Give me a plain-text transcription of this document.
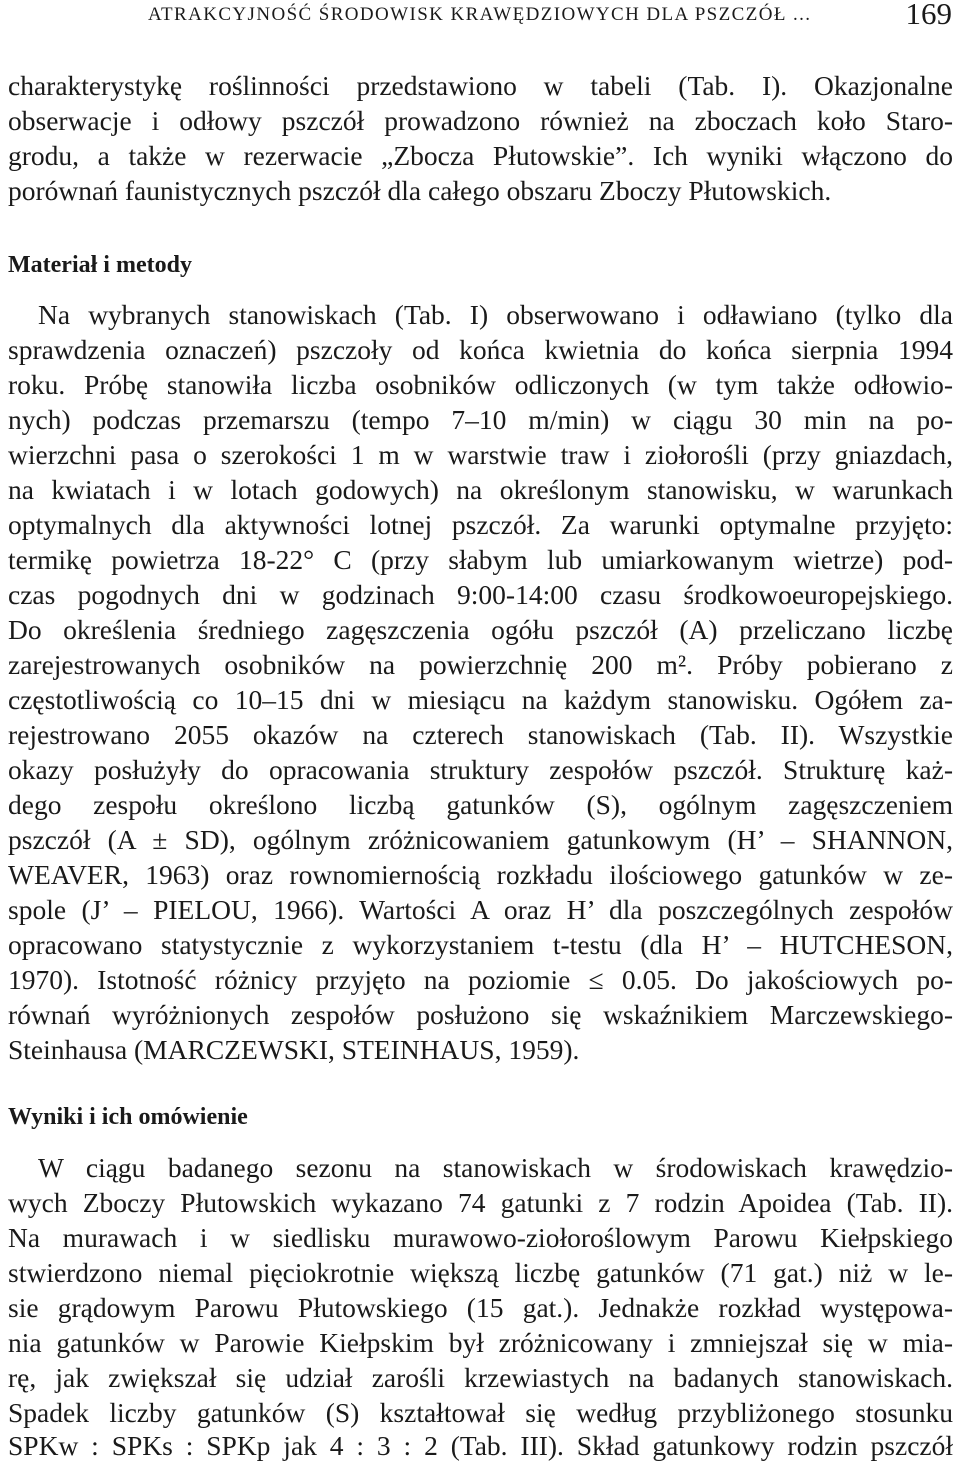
ATRAKCYJNOŚĆ ŚRODOWISK KRAWĘDZIOWYCH DLA PSZCZÓŁ ...	169
charakterystykę roślinności przedstawiono w tabeli (Tab. I). Okazjonalne
obserwacje i odłowy pszczół prowadzono również na zboczach koło Staro-
grodu, a także w rezerwacie „Zbocza Płutowskie”. Ich wyniki włączono do
porównań faunistycznych pszczół dla całego obszaru Zboczy Płutowskich.
Materiał i metody
Na wybranych stanowiskach (Tab. I) obserwowano i odławiano (tylko dla
sprawdzenia oznaczeń) pszczoły od końca kwietnia do końca sierpnia 1994
roku. Próbę stanowiła liczba osobników odliczonych (w tym także odłowio-
nych) podczas przemarszu (tempo 7–10 m/min) w ciągu 30 min na po-
wierzchni pasa o szerokości 1 m w warstwie traw i ziołorośli (przy gniazdach,
na kwiatach i w lotach godowych) na określonym stanowisku, w warunkach
optymalnych dla aktywności lotnej pszczół. Za warunki optymalne przyjęto:
termikę powietrza 18-22° C (przy słabym lub umiarkowanym wietrze) pod-
czas pogodnych dni w godzinach 9:00-14:00 czasu środkowoeuropejskiego.
Do określenia średniego zagęszczenia ogółu pszczół (A) przeliczano liczbę
zarejestrowanych osobników na powierzchnię 200 m². Próby pobierano z
częstotliwością co 10–15 dni w miesiącu na każdym stanowisku. Ogółem za-
rejestrowano 2055 okazów na czterech stanowiskach (Tab. II). Wszystkie
okazy posłużyły do opracowania struktury zespołów pszczół. Strukturę każ-
dego zespołu określono liczbą gatunków (S), ogólnym zagęszczeniem
pszczół (A ± SD), ogólnym zróżnicowaniem gatunkowym (H’ – SHANNON,
WEAVER, 1963) oraz rownomiernością rozkładu ilościowego gatunków w ze-
spole (J’ – PIELOU, 1966). Wartości A oraz H’ dla poszczególnych zespołów
opracowano statystycznie z wykorzystaniem t-testu (dla H’ – HUTCHESON,
1970). Istotność różnicy przyjęto na poziomie ≤ 0.05. Do jakościowych po-
równań wyróżnionych zespołów posłużono się wskaźnikiem Marczewskiego-
Steinhausa (MARCZEWSKI, STEINHAUS, 1959).
Wyniki i ich omówienie
W ciągu badanego sezonu na stanowiskach w środowiskach krawędzio-
wych Zboczy Płutowskich wykazano 74 gatunki z 7 rodzin Apoidea (Tab. II).
Na murawach i w siedlisku murawowo-ziołoroślowym Parowu Kiełpskiego
stwierdzono niemal pięciokrotnie większą liczbę gatunków (71 gat.) niż w le-
sie grądowym Parowu Płutowskiego (15 gat.). Jednakże rozkład występowa-
nia gatunków w Parowie Kiełpskim był zróżnicowany i zmniejszał się w miа-
rę, jak zwiększał się udział zarośli krzewiastych na badanych stanowiskach.
Spadek liczby gatunków (S) kształtował się według przybliżonego stosunku
SPKw : SPKs : SPKp jak 4 : 3 : 2 (Tab. III). Skład gatunkowy rodzin pszczół
